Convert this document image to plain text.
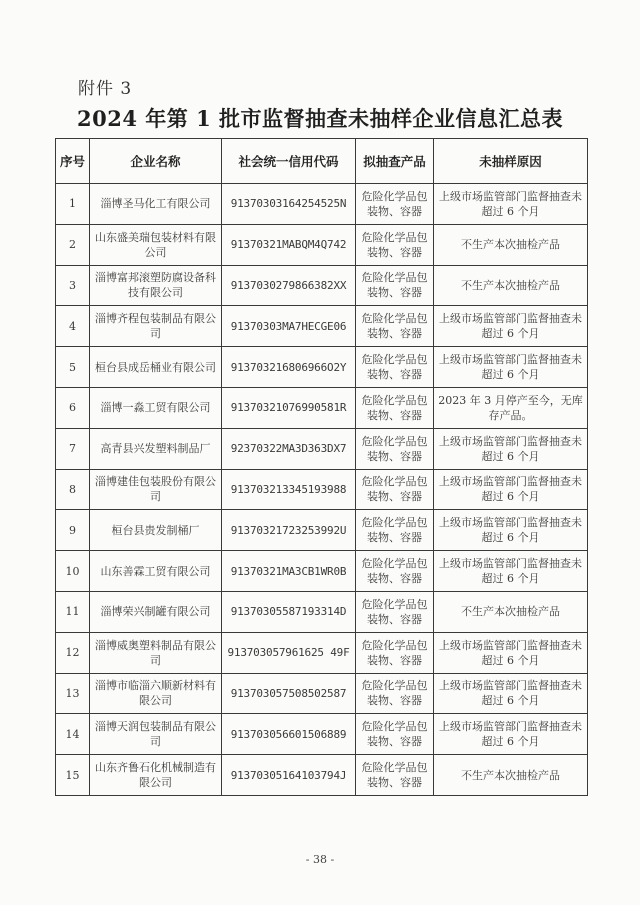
附件 3
2024 年第 1 批市监督抽查未抽样企业信息汇总表
序号	企业名称	社会统一信用代码	拟抽查产品	未抽样原因
1	淄博圣马化工有限公司	91370303164254525N	危险化学品包装物、容器	上级市场监管部门监督抽查未超过 6 个月
2	山东盛美瑞包装材料有限公司	91370321MABQM4Q742	危险化学品包装物、容器	不生产本次抽检产品
3	淄博富邦滚塑防腐设备科技有限公司	9137030279866382XX	危险化学品包装物、容器	不生产本次抽检产品
4	淄博齐程包装制品有限公司	91370303MA7HECGE06	危险化学品包装物、容器	上级市场监管部门监督抽查未超过 6 个月
5	桓台县成岳桶业有限公司	913703216806966O2Y	危险化学品包装物、容器	上级市场监管部门监督抽查未超过 6 个月
6	淄博一淼工贸有限公司	91370321076990581R	危险化学品包装物、容器	2023 年 3 月停产至今，无库存产品。
7	高青县兴发塑料制品厂	92370322MA3D363DX7	危险化学品包装物、容器	上级市场监管部门监督抽查未超过 6 个月
8	淄博建佳包装股份有限公司	913703213345193988	危险化学品包装物、容器	上级市场监管部门监督抽查未超过 6 个月
9	桓台县贵发制桶厂	91370321723253992U	危险化学品包装物、容器	上级市场监管部门监督抽查未超过 6 个月
10	山东善霖工贸有限公司	91370321MA3CB1WR0B	危险化学品包装物、容器	上级市场监管部门监督抽查未超过 6 个月
11	淄博荣兴制罐有限公司	91370305587193314D	危险化学品包装物、容器	不生产本次抽检产品
12	淄博威奥塑料制品有限公司	913703057961625 49F	危险化学品包装物、容器	上级市场监管部门监督抽查未超过 6 个月
13	淄博市临淄六顺新材料有限公司	913703057508502587	危险化学品包装物、容器	上级市场监管部门监督抽查未超过 6 个月
14	淄博天润包装制品有限公司	913703056601506889	危险化学品包装物、容器	上级市场监管部门监督抽查未超过 6 个月
15	山东齐鲁石化机械制造有限公司	91370305164103794J	危险化学品包装物、容器	不生产本次抽检产品
- 38 -
